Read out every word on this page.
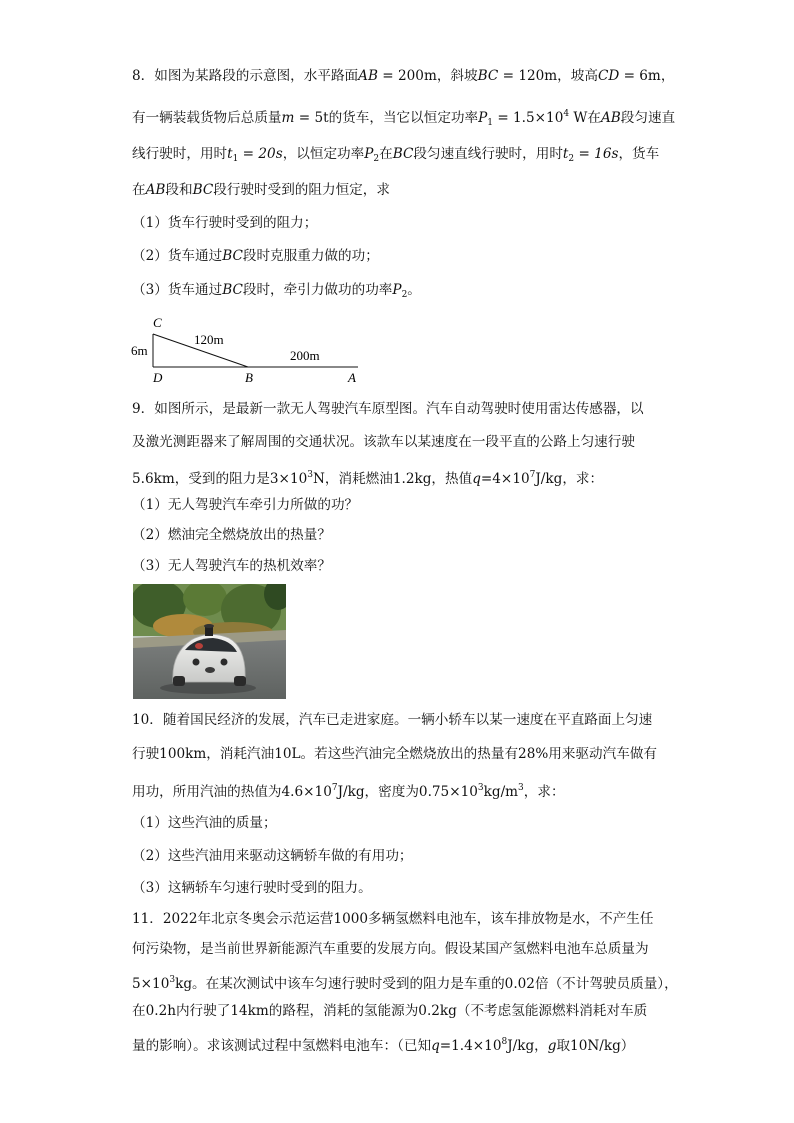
8．如图为某路段的示意图，水平路面AB = 200m，斜坡BC = 120m，坡高CD = 6m，
有一辆装载货物后总质量m = 5t的货车，当它以恒定功率$P_1 = 1.5\times 10^4$ W在AB段匀速直
线行驶时，用时$t_1 = 20s$，以恒定功率$P_2$在BC段匀速直线行驶时，用时$t_2 = 16s$，货车
在AB段和BC段行驶时受到的阻力恒定，求
（1）货车行驶时受到的阻力；
（2）货车通过BC段时克服重力做的功；
（3）货车通过BC段时，牵引力做功的功率$P_2$。
C
D	B	A
120m
6m	200m
9．如图所示，是最新一款无人驾驶汽车原型图。汽车自动驾驶时使用雷达传感器，以
及激光测距器来了解周围的交通状况。该款车以某速度在一段平直的公路上匀速行驶
5.6km，受到的阻力是$3\times 10^3N$，消耗燃油1.2kg，热值$q=4\times 10^7J/kg$，求：
（1）无人驾驶汽车牵引力所做的功？
（2）燃油完全燃烧放出的热量？
（3）无人驾驶汽车的热机效率？
10．随着国民经济的发展，汽车已走进家庭。一辆小轿车以某一速度在平直路面上匀速
行驶100km，消耗汽油10L。若这些汽油完全燃烧放出的热量有28%用来驱动汽车做有
用功，所用汽油的热值为$4.6\times 10^7J/kg$，密度为$0.75\times 10^3kg/m^3$，求：
（1）这些汽油的质量；
（2）这些汽油用来驱动这辆轿车做的有用功；
（3）这辆轿车匀速行驶时受到的阻力。
11．2022年北京冬奥会示范运营1000多辆氢燃料电池车，该车排放物是水，不产生任
何污染物，是当前世界新能源汽车重要的发展方向。假设某国产氢燃料电池车总质量为
$5\times 10^3kg$。在某次测试中该车匀速行驶时受到的阻力是车重的0.02倍（不计驾驶员质量），
在0.2h内行驶了14km的路程，消耗的氢能源为0.2kg（不考虑氢能源燃料消耗对车质
量的影响）。求该测试过程中氢燃料电池车：（已知$q=1.4\times 10^8J/kg$，g取10N/kg）
